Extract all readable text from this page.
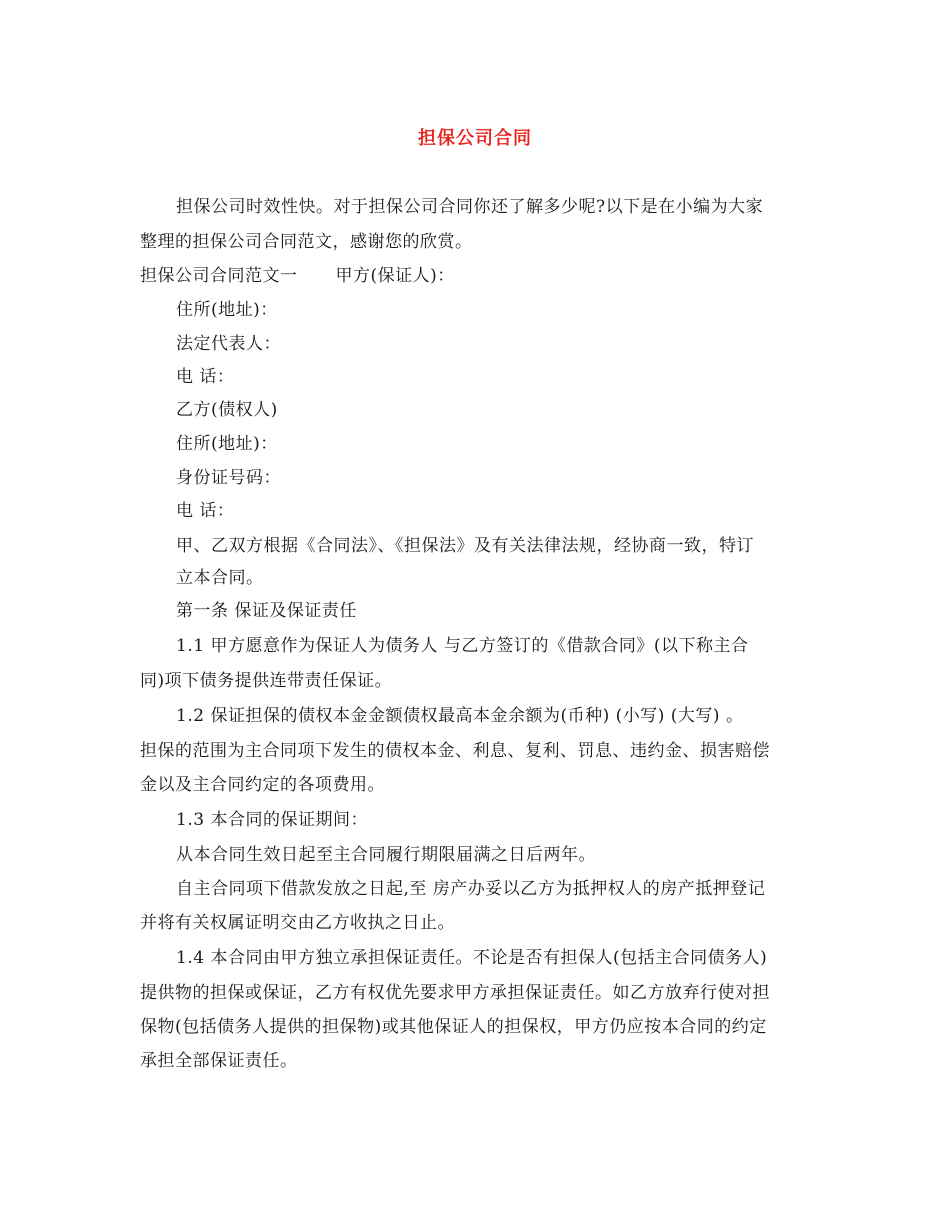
担保公司合同
担保公司时效性快。对于担保公司合同你还了解多少呢?以下是在小编为大家
整理的担保公司合同范文，感谢您的欣赏。
担保公司合同范文一 甲方(保证人)：
住所(地址)：
法定代表人：
电 话：
乙方(债权人)
住所(地址)：
身份证号码：
电 话：
甲、乙双方根据《合同法》、《担保法》及有关法律法规，经协商一致，特订
立本合同。
第一条 保证及保证责任
1.1 甲方愿意作为保证人为债务人 与乙方签订的《借款合同》(以下称主合
同)项下债务提供连带责任保证。
1.2 保证担保的债权本金金额债权最高本金余额为(币种) (小写) (大写) 。
担保的范围为主合同项下发生的债权本金、利息、复利、罚息、违约金、损害赔偿
金以及主合同约定的各项费用。
1.3 本合同的保证期间：
从本合同生效日起至主合同履行期限届满之日后两年。
自主合同项下借款发放之日起,至 房产办妥以乙方为抵押权人的房产抵押登记
并将有关权属证明交由乙方收执之日止。
1.4 本合同由甲方独立承担保证责任。不论是否有担保人(包括主合同债务人)
提供物的担保或保证，乙方有权优先要求甲方承担保证责任。如乙方放弃行使对担
保物(包括债务人提供的担保物)或其他保证人的担保权，甲方仍应按本合同的约定
承担全部保证责任。
